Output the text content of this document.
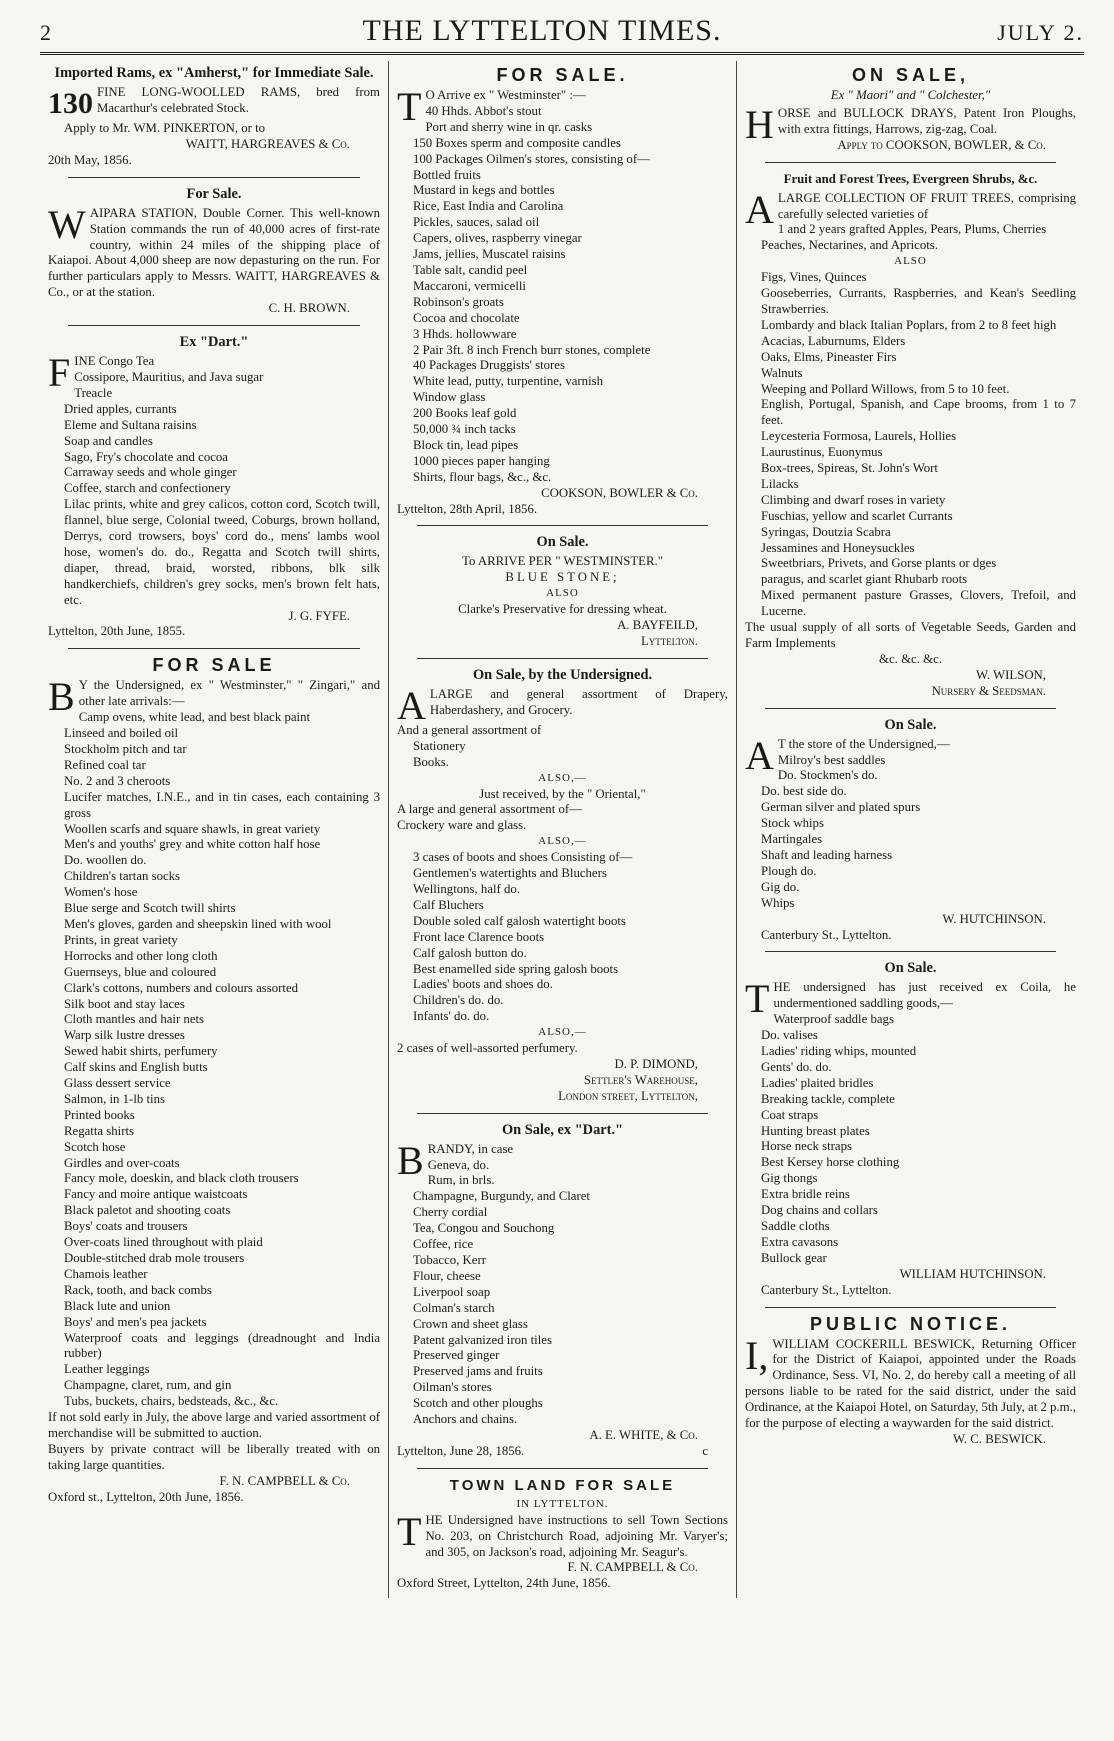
2	THE LYTTELTON TIMES.	JULY 2.
Imported Rams, ex "Amherst," for Immediate Sale.

130 FINE LONG-WOOLLED RAMS, bred from Macarthur's celebrated Stock.

Apply to Mr. WM. PINKERTON, or to

WAITT, HARGREAVES & Co.

20th May, 1856.

For Sale.

WAIPARA STATION, Double Corner. This well-known Station commands the run of 40,000 acres of first-rate country, within 24 miles of the shipping place of Kaiapoi. About 4,000 sheep are now depasturing on the run. For further particulars apply to Messrs. WAITT, HARGREAVES & Co., or at the station.

C. H. BROWN.

Ex "Dart."

FINE Congo Tea

Cossipore, Mauritius, and Java sugar

Treacle

Dried apples, currants

Eleme and Sultana raisins

Soap and candles

Sago, Fry's chocolate and cocoa

Carraway seeds and whole ginger

Coffee, starch and confectionery

Lilac prints, white and grey calicos, cotton cord, Scotch twill, flannel, blue serge, Colonial tweed, Coburgs, brown holland, Derrys, cord trowsers, boys' cord do., mens' lambs wool hose, women's do. do., Regatta and Scotch twill shirts, diaper, thread, braid, worsted, ribbons, blk silk handkerchiefs, children's grey socks, men's brown felt hats, etc.

J. G. FYFE.

Lyttelton, 20th June, 1855.

FOR SALE

B Y the Undersigned, ex " Westminster," " Zingari," and other late arrivals:—

Camp ovens, white lead, and best black paint

Linseed and boiled oil

Stockholm pitch and tar

Refined coal tar

No. 2 and 3 cheroots

Lucifer matches, I.N.E., and in tin cases, each containing 3 gross

Woollen scarfs and square shawls, in great variety

Men's and youths' grey and white cotton half hose

Do. woollen do.

Children's tartan socks

Women's hose

Blue serge and Scotch twill shirts

Men's gloves, garden and sheepskin lined with wool

Prints, in great variety

Horrocks and other long cloth

Guernseys, blue and coloured

Clark's cottons, numbers and colours assorted

Silk boot and stay laces

Cloth mantles and hair nets

Warp silk lustre dresses

Sewed habit shirts, perfumery

Calf skins and English butts

Glass dessert service

Salmon, in 1-lb tins

Printed books

Regatta shirts

Scotch hose

Girdles and over-coats

Fancy mole, doeskin, and black cloth trousers

Fancy and moire antique waistcoats

Black paletot and shooting coats

Boys' coats and trousers

Over-coats lined throughout with plaid

Double-stitched drab mole trousers

Chamois leather

Rack, tooth, and back combs

Black lute and union

Boys' and men's pea jackets

Waterproof coats and leggings (dreadnought and India rubber)

Leather leggings

Champagne, claret, rum, and gin

Tubs, buckets, chairs, bedsteads, &c., &c.

If not sold early in July, the above large and varied assortment of merchandise will be submitted to auction.

Buyers by private contract will be liberally treated with on taking large quantities.

F. N. CAMPBELL & Co.

Oxford st., Lyttelton, 20th June, 1856.

FOR SALE.

T O Arrive ex " Westminster" :—

40 Hhds. Abbot's stout

Port and sherry wine in qr. casks

150 Boxes sperm and composite candles

100 Packages Oilmen's stores, consisting of—

Bottled fruits

Mustard in kegs and bottles

Rice, East India and Carolina

Pickles, sauces, salad oil

Capers, olives, raspberry vinegar

Jams, jellies, Muscatel raisins

Table salt, candid peel

Maccaroni, vermicelli

Robinson's groats

Cocoa and chocolate

3 Hhds. hollowware

2 Pair 3ft. 8 inch French burr stones, complete

40 Packages Druggists' stores

White lead, putty, turpentine, varnish

Window glass

200 Books leaf gold

50,000 ¾ inch tacks

Block tin, lead pipes

1000 pieces paper hanging

Shirts, flour bags, &c., &c.

COOKSON, BOWLER & Co.

Lyttelton, 28th April, 1856.

On Sale.

To ARRIVE PER " WESTMINSTER."

BLUE STONE;

ALSO

Clarke's Preservative for dressing wheat.

A. BAYFEILD,

Lyttelton.

On Sale, by the Undersigned.

ALARGE and general assortment of Drapery, Haberdashery, and Grocery.

And a general assortment of

Stationery

Books.

ALSO,—

Just received, by the " Oriental,"

A large and general assortment of—

Crockery ware and glass.

ALSO,—

3 cases of boots and shoes Consisting of—

Gentlemen's watertights and Bluchers

Wellingtons, half do.

Calf Bluchers

Double soled calf galosh watertight boots

Front lace Clarence boots

Calf galosh button do.

Best enamelled side spring galosh boots

Ladies' boots and shoes do.

Children's do. do.

Infants' do. do.

ALSO,—

2 cases of well-assorted perfumery.

D. P. DIMOND,

Settler's Warehouse,

London street, Lyttelton,

On Sale, ex "Dart."

BRANDY, in case

Geneva, do.

Rum, in brls.

Champagne, Burgundy, and Claret

Cherry cordial

Tea, Congou and Souchong

Coffee, rice

Tobacco, Kerr

Flour, cheese

Liverpool soap

Colman's starch

Crown and sheet glass

Patent galvanized iron tiles

Preserved ginger

Preserved jams and fruits

Oilman's stores

Scotch and other ploughs

Anchors and chains.

A. E. WHITE, & Co.

Lyttelton, June 28, 1856.	c

TOWN LAND FOR SALE

IN LYTTELTON.

THE Undersigned have instructions to sell Town Sections No. 203, on Christchurch Road, adjoining Mr. Varyer's; and 305, on Jackson's road, adjoining Mr. Seagur's.

F. N. CAMPBELL & Co.

Oxford Street, Lyttelton, 24th June, 1856.

ON SALE,
Ex " Maori" and " Colchester,"

HORSE and BULLOCK DRAYS, Patent Iron Ploughs, with extra fittings, Harrows, zig-zag, Coal.

Apply to COOKSON, BOWLER, & Co.

Fruit and Forest Trees, Evergreen Shrubs, &c.

ALARGE COLLECTION OF FRUIT TREES, comprising carefully selected varieties of

1 and 2 years grafted Apples, Pears, Plums, Cherries

Peaches, Nectarines, and Apricots.

ALSO

Figs, Vines, Quinces

Gooseberries, Currants, Raspberries, and Kean's Seedling Strawberries.

Lombardy and black Italian Poplars, from 2 to 8 feet high

Acacias, Laburnums, Elders

Oaks, Elms, Pineaster Firs

Walnuts

Weeping and Pollard Willows, from 5 to 10 feet.

English, Portugal, Spanish, and Cape brooms, from 1 to 7 feet.

Leycesteria Formosa, Laurels, Hollies

Laurustinus, Euonymus

Box-trees, Spireas, St. John's Wort

Lilacks

Climbing and dwarf roses in variety

Fuschias, yellow and scarlet Currants

Syringas, Doutzia Scabra

Jessamines and Honeysuckles

Sweetbriars, Privets, and Gorse plants or dges

paragus, and scarlet giant Rhubarb roots

Mixed permanent pasture Grasses, Clovers, Trefoil, and Lucerne.

The usual supply of all sorts of Vegetable Seeds, Garden and Farm Implements

&c. &c. &c.

W. WILSON,

Nursery & Seedsman.

On Sale.

A T the store of the Undersigned,—

Milroy's best saddles

Do. Stockmen's do.

Do. best side do.

German silver and plated spurs

Stock whips

Martingales

Shaft and leading harness

Plough do.

Gig do.

Whips

W. HUTCHINSON.

Canterbury St., Lyttelton.

On Sale.

THE undersigned has just received ex Coila, he undermentioned saddling goods,—

Waterproof saddle bags

Do. valises

Ladies' riding whips, mounted

Gents' do. do.

Ladies' plaited bridles

Breaking tackle, complete

Coat straps

Hunting breast plates

Horse neck straps

Best Kersey horse clothing

Gig thongs

Extra bridle reins

Dog chains and collars

Saddle cloths

Extra cavasons

Bullock gear

WILLIAM HUTCHINSON.

Canterbury St., Lyttelton.

PUBLIC NOTICE.

I, WILLIAM COCKERILL BESWICK, Returning Officer for the District of Kaiapoi, appointed under the Roads Ordinance, Sess. VI, No. 2, do hereby call a meeting of all persons liable to be rated for the said district, under the said Ordinance, at the Kaiapoi Hotel, on Saturday, 5th July, at 2 p.m., for the purpose of electing a waywarden for the said district.

W. C. BESWICK.
